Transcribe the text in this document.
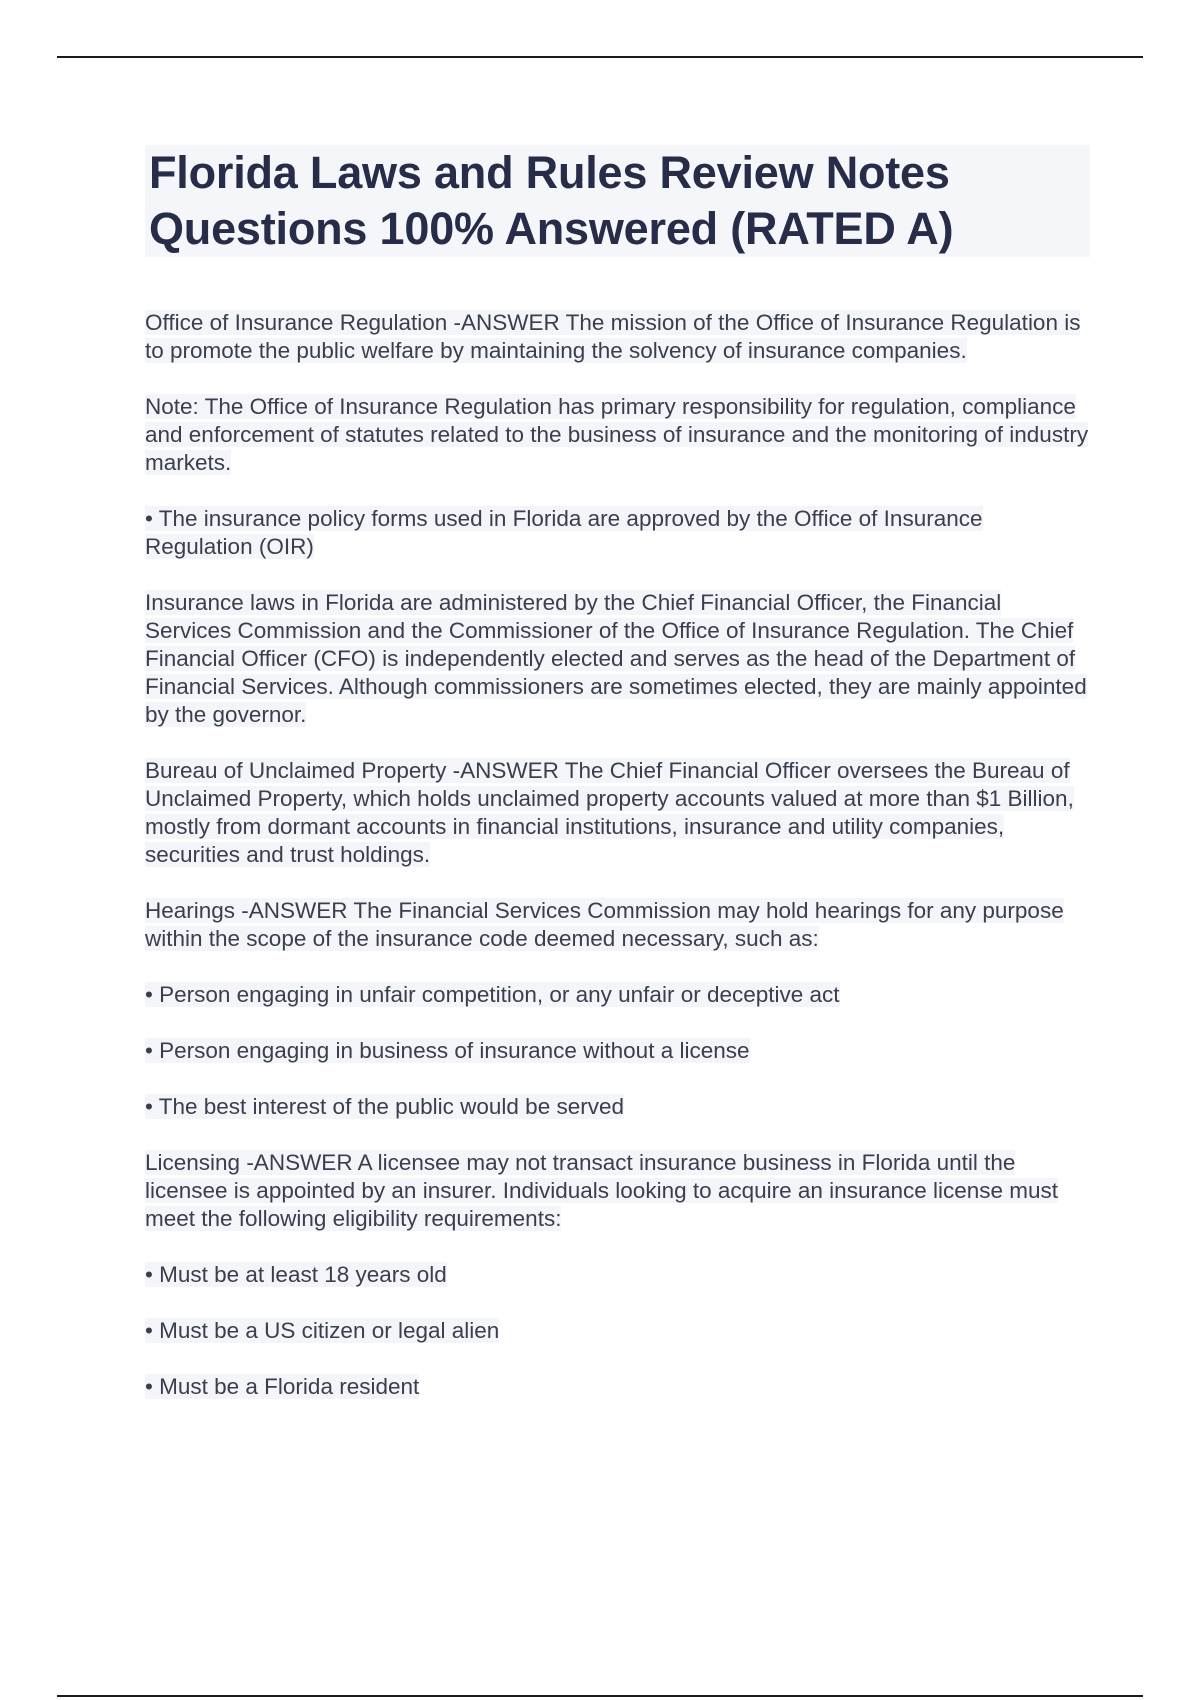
Florida Laws and Rules Review Notes Questions 100% Answered (RATED A)

Office of Insurance Regulation -ANSWER The mission of the Office of Insurance Regulation is to promote the public welfare by maintaining the solvency of insurance companies.

Note: The Office of Insurance Regulation has primary responsibility for regulation, compliance and enforcement of statutes related to the business of insurance and the monitoring of industry markets.

• The insurance policy forms used in Florida are approved by the Office of Insurance Regulation (OIR)

Insurance laws in Florida are administered by the Chief Financial Officer, the Financial Services Commission and the Commissioner of the Office of Insurance Regulation. The Chief Financial Officer (CFO) is independently elected and serves as the head of the Department of Financial Services. Although commissioners are sometimes elected, they are mainly appointed by the governor.

Bureau of Unclaimed Property -ANSWER The Chief Financial Officer oversees the Bureau of Unclaimed Property, which holds unclaimed property accounts valued at more than $1 Billion, mostly from dormant accounts in financial institutions, insurance and utility companies, securities and trust holdings.

Hearings -ANSWER The Financial Services Commission may hold hearings for any purpose within the scope of the insurance code deemed necessary, such as:

• Person engaging in unfair competition, or any unfair or deceptive act

• Person engaging in business of insurance without a license

• The best interest of the public would be served

Licensing -ANSWER A licensee may not transact insurance business in Florida until the licensee is appointed by an insurer. Individuals looking to acquire an insurance license must meet the following eligibility requirements:

• Must be at least 18 years old

• Must be a US citizen or legal alien

• Must be a Florida resident
